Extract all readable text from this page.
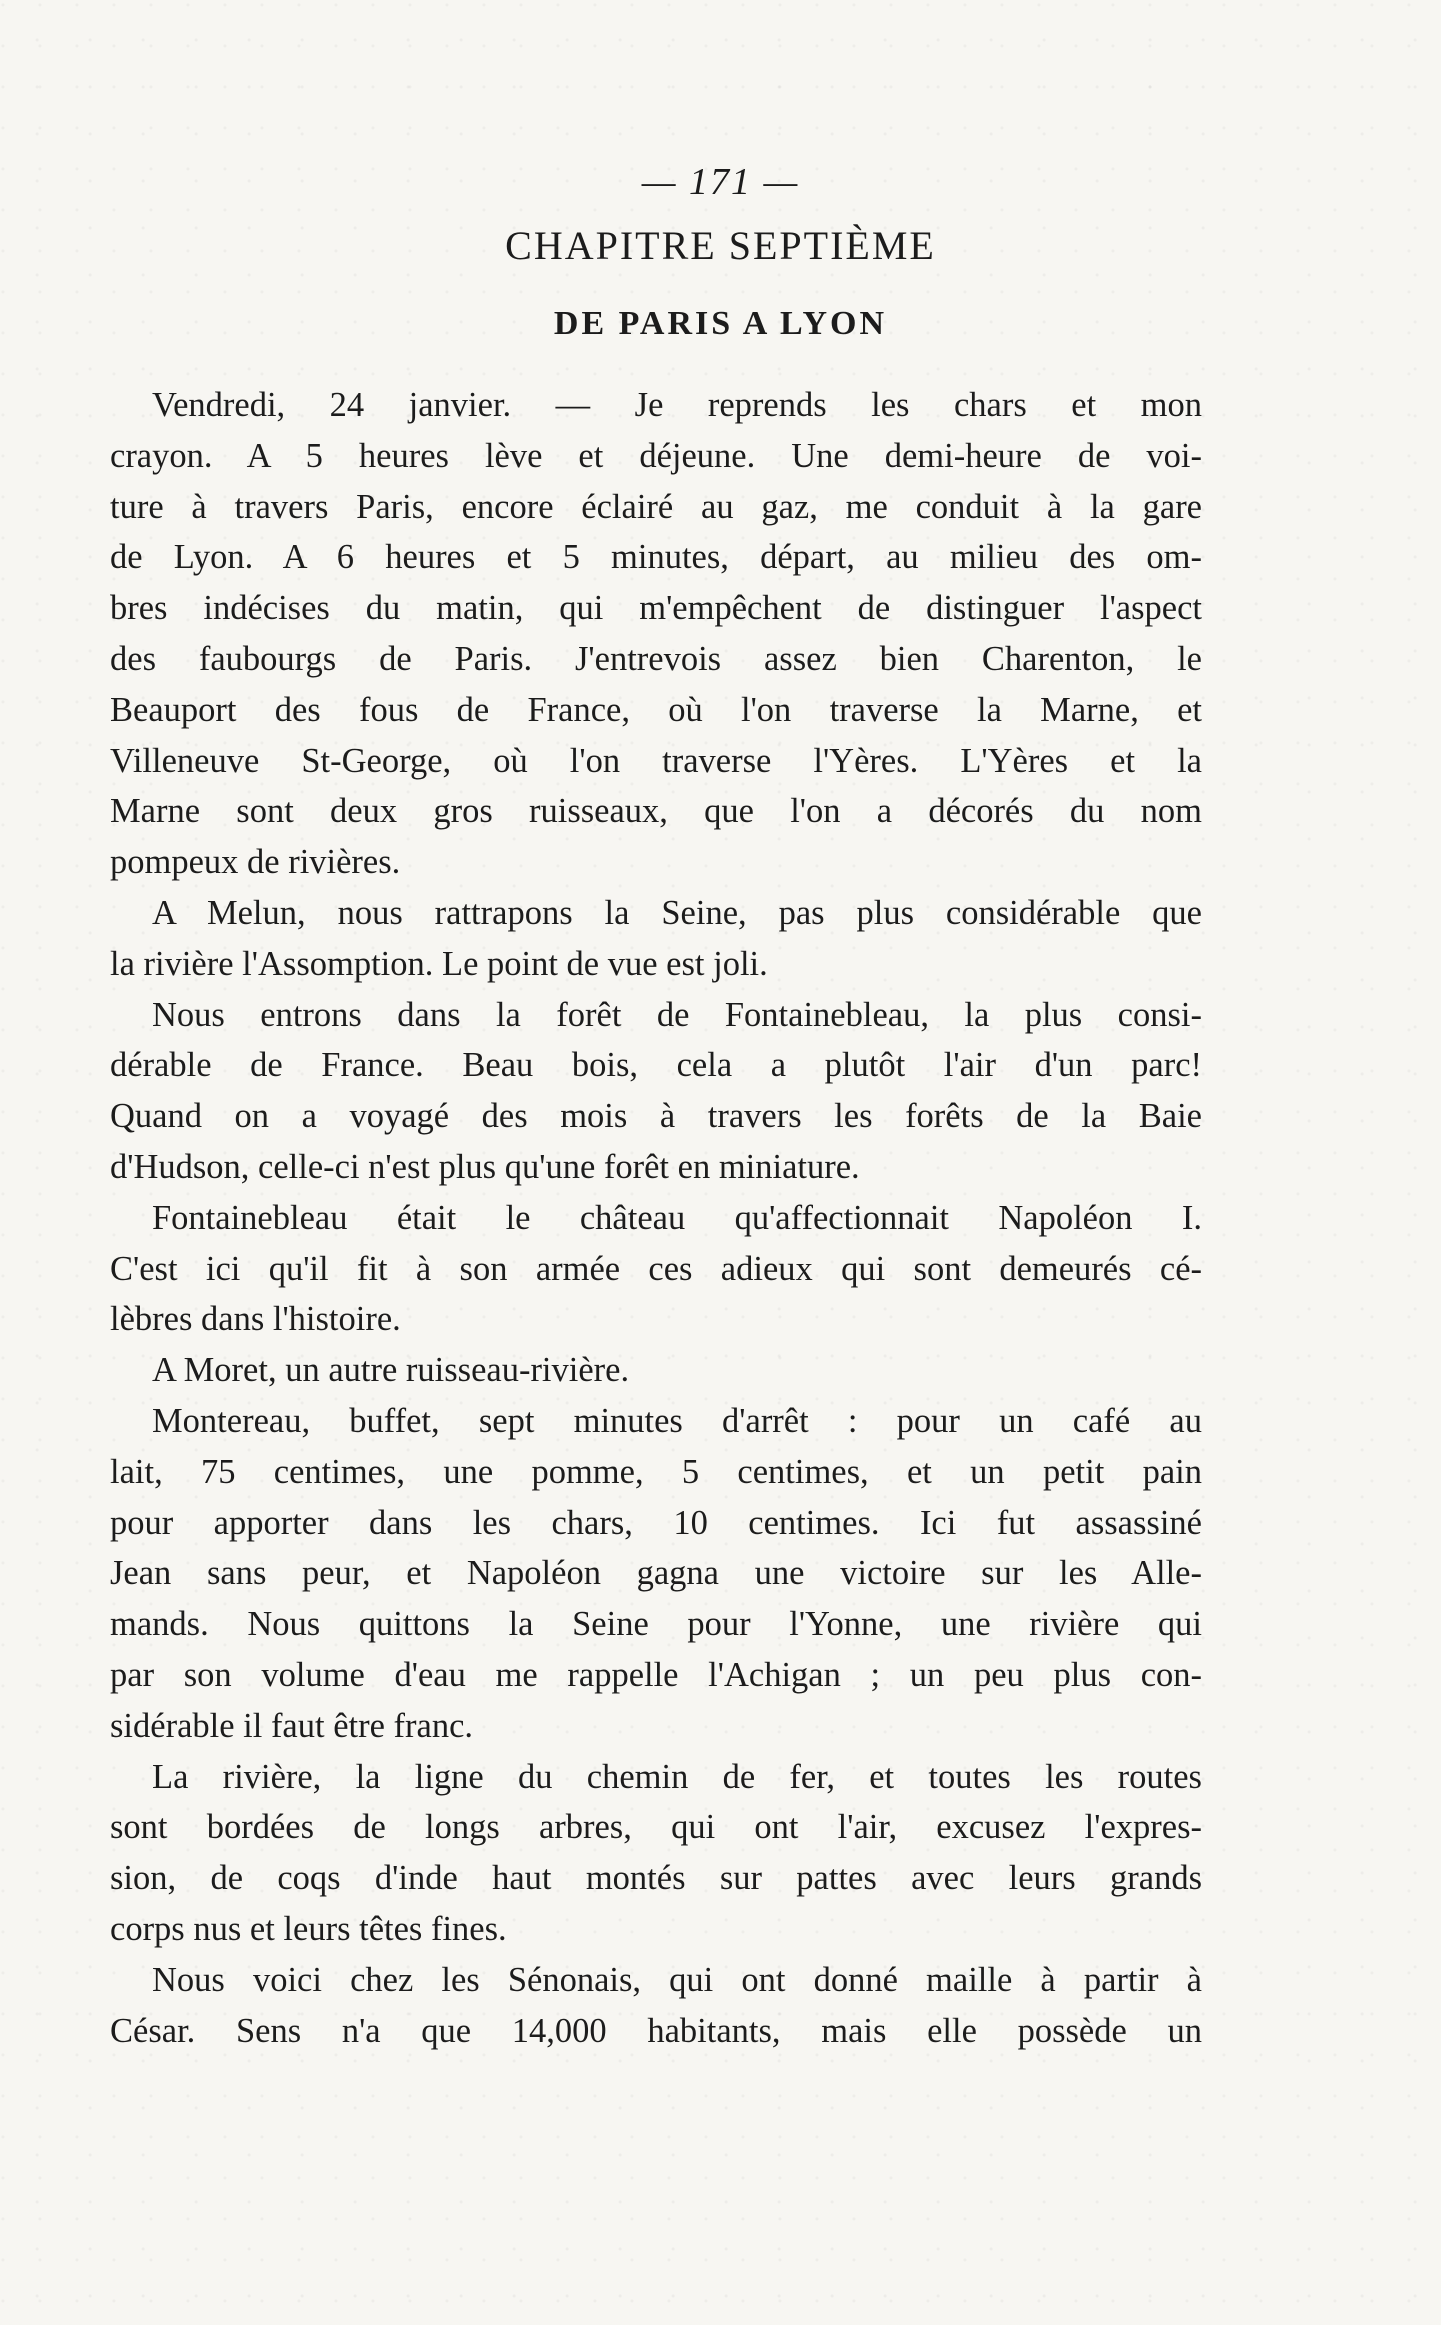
— 171 —
CHAPITRE SEPTIÈME
DE PARIS A LYON
Vendredi, 24 janvier. — Je reprends les chars et mon
crayon. A 5 heures lève et déjeune. Une demi-heure de voi-
ture à travers Paris, encore éclairé au gaz, me conduit à la gare
de Lyon. A 6 heures et 5 minutes, départ, au milieu des om-
bres indécises du matin, qui m'empêchent de distinguer l'aspect
des faubourgs de Paris. J'entrevois assez bien Charenton, le
Beauport des fous de France, où l'on traverse la Marne, et
Villeneuve St-George, où l'on traverse l'Yères. L'Yères et la
Marne sont deux gros ruisseaux, que l'on a décorés du nom
pompeux de rivières.
A Melun, nous rattrapons la Seine, pas plus considérable que
la rivière l'Assomption. Le point de vue est joli.
Nous entrons dans la forêt de Fontainebleau, la plus consi-
dérable de France. Beau bois, cela a plutôt l'air d'un parc!
Quand on a voyagé des mois à travers les forêts de la Baie
d'Hudson, celle-ci n'est plus qu'une forêt en miniature.
Fontainebleau était le château qu'affectionnait Napoléon I.
C'est ici qu'il fit à son armée ces adieux qui sont demeurés cé-
lèbres dans l'histoire.
A Moret, un autre ruisseau-rivière.
Montereau, buffet, sept minutes d'arrêt : pour un café au
lait, 75 centimes, une pomme, 5 centimes, et un petit pain
pour apporter dans les chars, 10 centimes. Ici fut assassiné
Jean sans peur, et Napoléon gagna une victoire sur les Alle-
mands. Nous quittons la Seine pour l'Yonne, une rivière qui
par son volume d'eau me rappelle l'Achigan ; un peu plus con-
sidérable il faut être franc.
La rivière, la ligne du chemin de fer, et toutes les routes
sont bordées de longs arbres, qui ont l'air, excusez l'expres-
sion, de coqs d'inde haut montés sur pattes avec leurs grands
corps nus et leurs têtes fines.
Nous voici chez les Sénonais, qui ont donné maille à partir à
César. Sens n'a que 14,000 habitants, mais elle possède un
